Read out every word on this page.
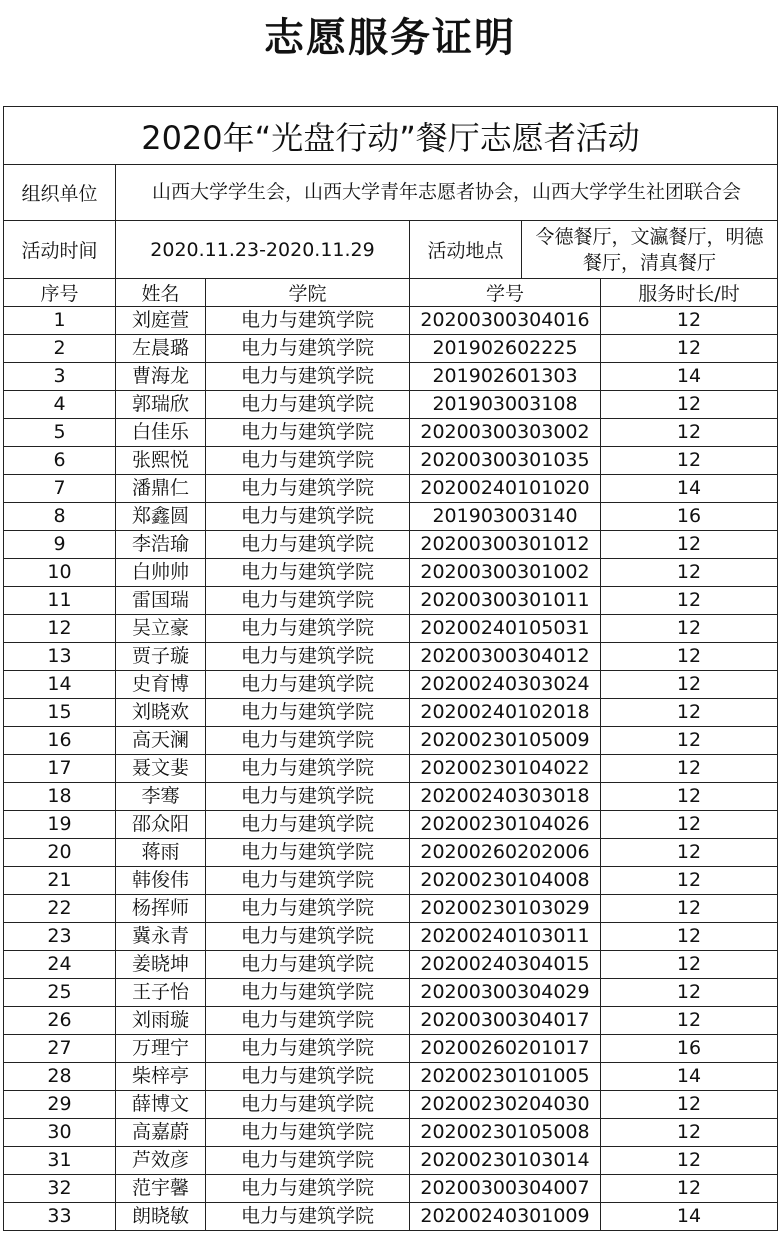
志愿服务证明
2020年“光盘行动”餐厅志愿者活动					
组织单位	山西大学学生会，山西大学青年志愿者协会，山西大学学生社团联合会				
活动时间	2020.11.23-2020.11.29		活动地点	令德餐厅，文瀛餐厅，明德餐厅，清真餐厅	
序号	姓名	学院	学号		服务时长/时
1	刘庭萱	电力与建筑学院	20200300304016		12
2	左晨璐	电力与建筑学院	201902602225		12
3	曹海龙	电力与建筑学院	201902601303		14
4	郭瑞欣	电力与建筑学院	201903003108		12
5	白佳乐	电力与建筑学院	20200300303002		12
6	张熙悦	电力与建筑学院	20200300301035		12
7	潘鼎仁	电力与建筑学院	20200240101020		14
8	郑鑫圆	电力与建筑学院	201903003140		16
9	李浩瑜	电力与建筑学院	20200300301012		12
10	白帅帅	电力与建筑学院	20200300301002		12
11	雷国瑞	电力与建筑学院	20200300301011		12
12	吴立豪	电力与建筑学院	20200240105031		12
13	贾子璇	电力与建筑学院	20200300304012		12
14	史育博	电力与建筑学院	20200240303024		12
15	刘晓欢	电力与建筑学院	20200240102018		12
16	高天澜	电力与建筑学院	20200230105009		12
17	聂文婓	电力与建筑学院	20200230104022		12
18	李骞	电力与建筑学院	20200240303018		12
19	邵众阳	电力与建筑学院	20200230104026		12
20	蒋雨	电力与建筑学院	20200260202006		12
21	韩俊伟	电力与建筑学院	20200230104008		12
22	杨挥师	电力与建筑学院	20200230103029		12
23	冀永青	电力与建筑学院	20200240103011		12
24	姜晓坤	电力与建筑学院	20200240304015		12
25	王子怡	电力与建筑学院	20200300304029		12
26	刘雨璇	电力与建筑学院	20200300304017		12
27	万理宁	电力与建筑学院	20200260201017		16
28	柴梓亭	电力与建筑学院	20200230101005		14
29	薛博文	电力与建筑学院	20200230204030		12
30	高嘉蔚	电力与建筑学院	20200230105008		12
31	芦效彦	电力与建筑学院	20200230103014		12
32	范宇馨	电力与建筑学院	20200300304007		12
33	朗晓敏	电力与建筑学院	20200240301009		14
